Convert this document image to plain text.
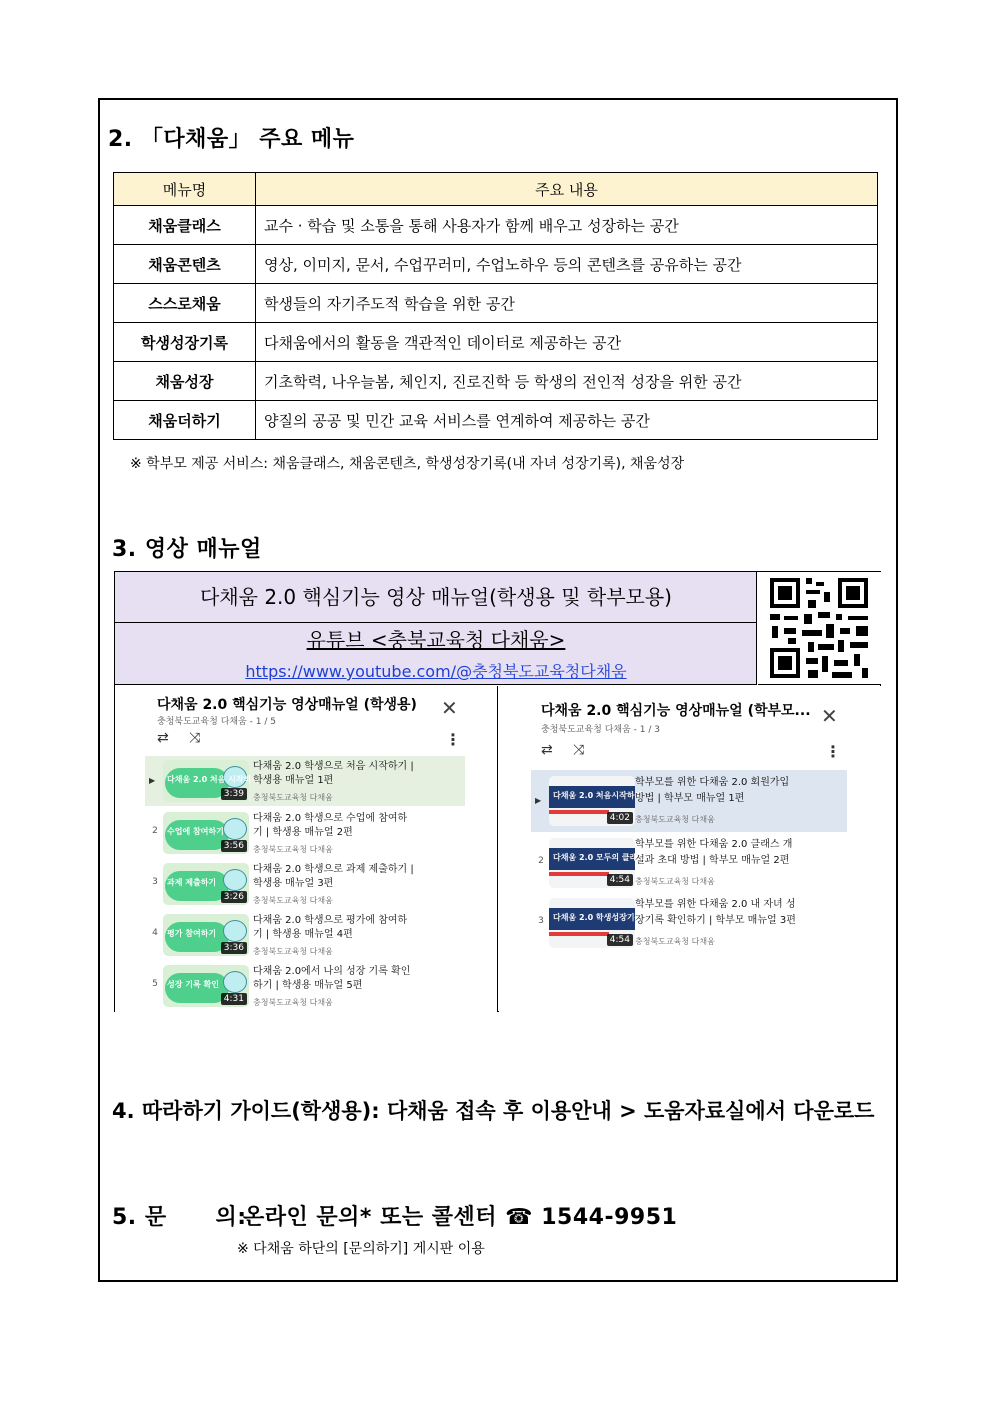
2. 「다채움」 주요 메뉴
메뉴명	주요 내용
채움클래스	교수 · 학습 및 소통을 통해 사용자가 함께 배우고 성장하는 공간
채움콘텐츠	영상, 이미지, 문서, 수업꾸러미, 수업노하우 등의 콘텐츠를 공유하는 공간
스스로채움	학생들의 자기주도적 학습을 위한 공간
학생성장기록	다채움에서의 활동을 객관적인 데이터로 제공하는 공간
채움성장	기초학력, 나우늘봄, 체인지, 진로진학 등 학생의 전인적 성장을 위한 공간
채움더하기	양질의 공공 및 민간 교육 서비스를 연계하여 제공하는 공간
※ 학부모 제공 서비스: 채움클래스, 채움콘텐츠, 학생성장기록(내 자녀 성장기록), 채움성장
3. 영상 매뉴얼
다채움 2.0 핵심기능 영상 매뉴얼(학생용 및 학부모용)
유튜브 <충북교육청 다채움>
https://www.youtube.com/@충청북도교육청다채움
다채움 2.0 핵심기능 영상매뉴얼 (학생용)
충청북도교육청 다채움 - 1 / 5
✕
⇄ ⤨	⋮
▶ 다채움 2.0 처음 시작하기
3:39
다채움 2.0 학생으로 처음 시작하기 |
학생용 매뉴얼 1편
충청북도교육청 다채움
2	수업에 참여하기
3:56
다채움 2.0 학생으로 수업에 참여하
기 | 학생용 매뉴얼 2편
충청북도교육청 다채움
3	과제 제출하기
3:26
다채움 2.0 학생으로 과제 제출하기 |
학생용 매뉴얼 3편
충청북도교육청 다채움
4	평가 참여하기
3:36
다채움 2.0 학생으로 평가에 참여하
기 | 학생용 매뉴얼 4편
충청북도교육청 다채움
5	성장 기록 확인
4:31
다채움 2.0에서 나의 성장 기록 확인
하기 | 학생용 매뉴얼 5편
충청북도교육청 다채움
다채움 2.0 핵심기능 영상매뉴얼 (학부모...
충청북도교육청 다채움 - 1 / 3
✕
⇄ ⤨	⋮
▶
다채움 2.0 처음시작하기
4:02
학부모를 위한 다채움 2.0 회원가입
방법 | 학부모 매뉴얼 1편
충청북도교육청 다채움
2	다채움 2.0 모두의 클래스
4:54
학부모를 위한 다채움 2.0 클래스 개
설과 초대 방법 | 학부모 매뉴얼 2편
충청북도교육청 다채움
3	다채움 2.0 학생성장기록
4:54
학부모를 위한 다채움 2.0 내 자녀 성
장기록 확인하기 | 학부모 매뉴얼 3편
충청북도교육청 다채움
4. 따라하기 가이드(학생용): 다채움 접속 후 이용안내 > 도움자료실에서 다운로드
5. 문      의:
온라인 문의* 또는 콜센터 ☎ 1544-9951
※ 다채움 하단의 [문의하기] 게시판 이용
